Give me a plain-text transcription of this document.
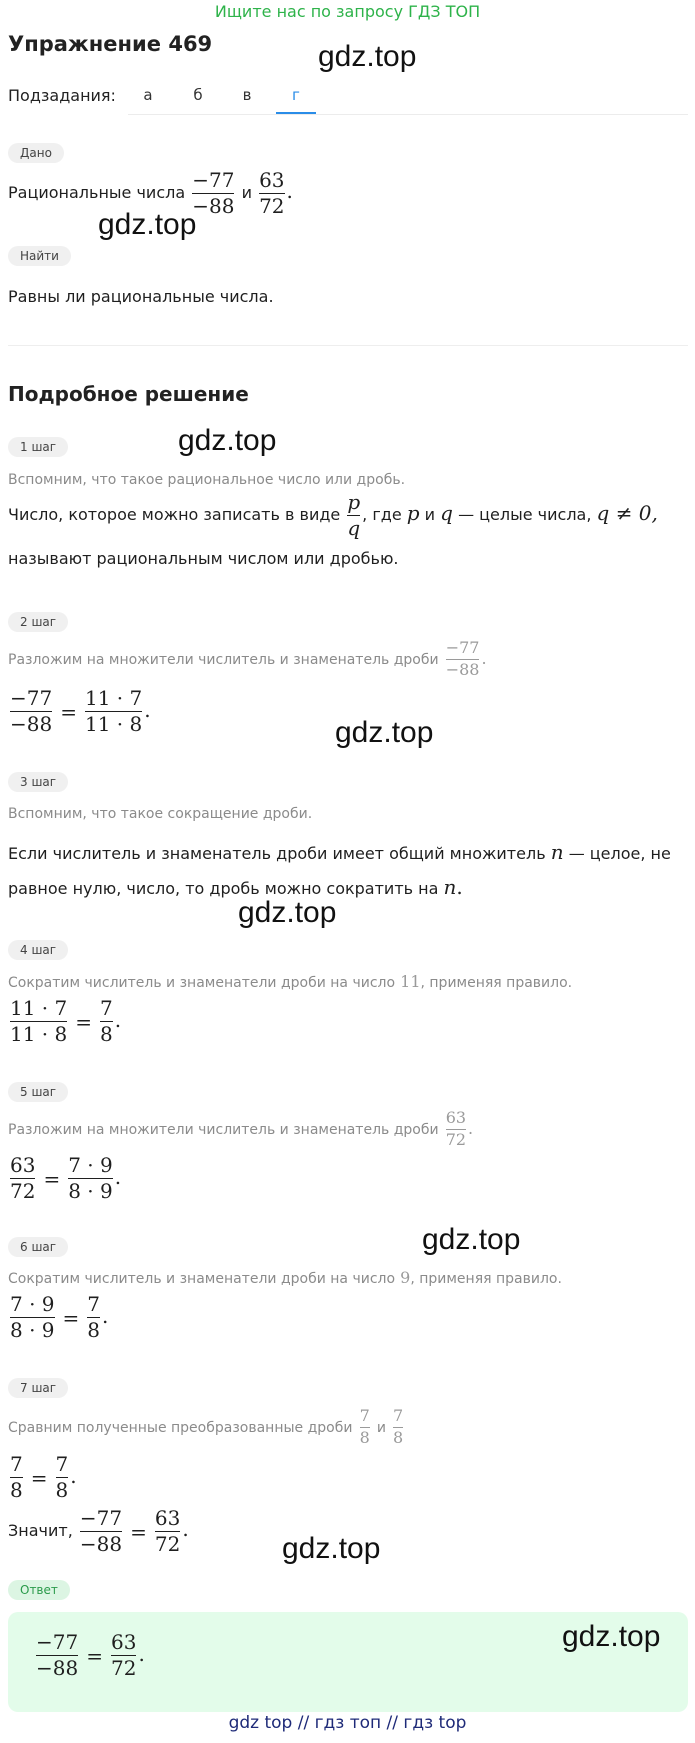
Ищите нас по запросу ГДЗ ТОП
Упражнение 469
Подзадания:	а	б	в	г
Дано
Рациональные числа $\frac{-77}{-88}$ и $\frac{63}{72}$ .
Найти
Равны ли рациональные числа.
Подробное решение
1 шаг
Вспомним, что такое рациональное число или дробь.
Число, которое можно записать в виде $\frac{p}{q}$ , где p и q — целые числа, q ≠ 0,
называют рациональным числом или дробью.
2 шаг
Разложим на множители числитель и знаменатель дроби $\frac{-77}{-88}$ .
$\frac{-77}{-88} = \frac{11 \cdot 7}{11 \cdot 8}$ .
3 шаг
Вспомним, что такое сокращение дроби.
Если числитель и знаменатель дроби имеет общий множитель n — целое, не
равное нулю, число, то дробь можно сократить на n.
4 шаг
Сократим числитель и знаменатели дроби на число 11, применяя правило.
$\frac{11 \cdot 7}{11 \cdot 8} = \frac{7}{8}$ .
5 шаг
Разложим на множители числитель и знаменатель дроби $\frac{63}{72}$ .
$\frac{63}{72} = \frac{7 \cdot 9}{8 \cdot 9}$ .
6 шаг
Сократим числитель и знаменатели дроби на число 9, применяя правило.
$\frac{7 \cdot 9}{8 \cdot 9} = \frac{7}{8}$ .
7 шаг
Сравним полученные преобразованные дроби $\frac{7}{8}$ и $\frac{7}{8}$
$\frac{7}{8} = \frac{7}{8}$ .
Значит, $\frac{-77}{-88} = \frac{63}{72}$ .
Ответ
$\frac{-77}{-88} = \frac{63}{72}$ .
gdz.top
gdz.top
gdz.top
gdz.top
gdz.top
gdz.top
gdz.top
gdz.top
gdz top // гдз топ // гдз top
